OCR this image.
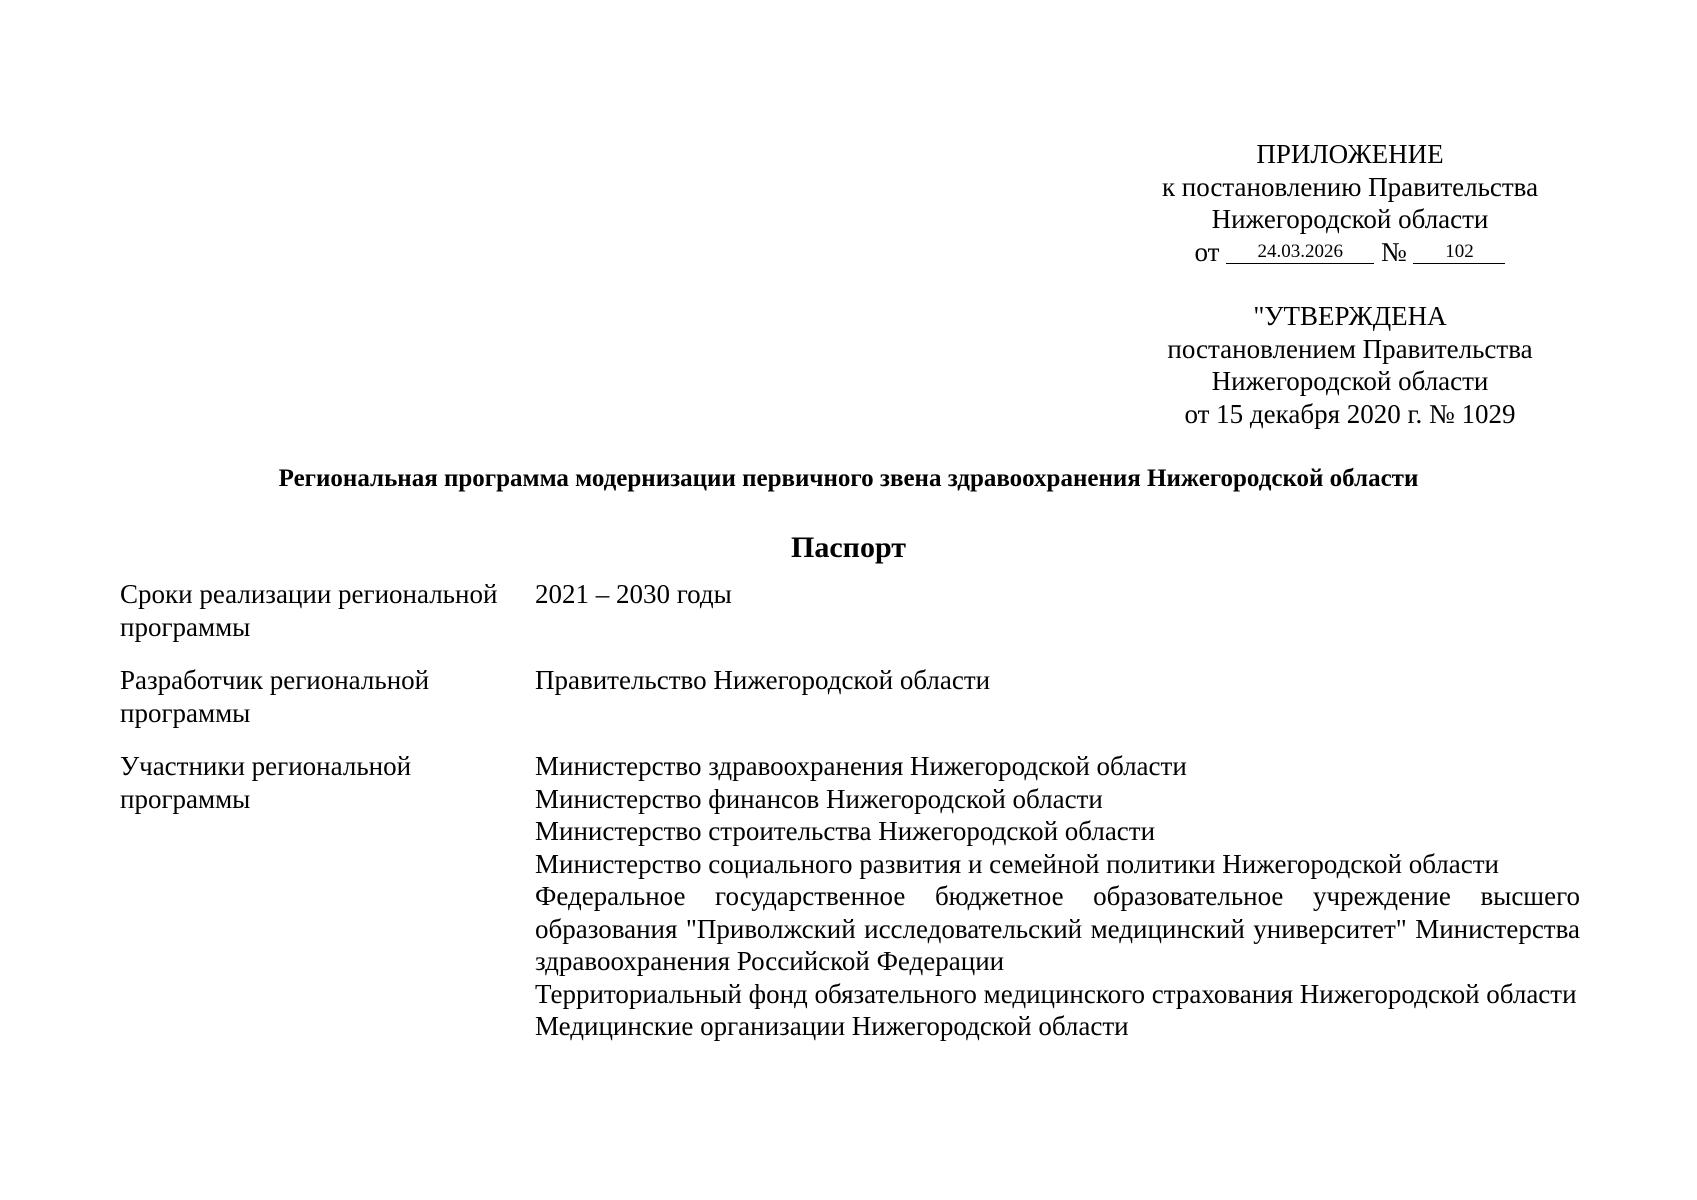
ПРИЛОЖЕНИЕ
к постановлению Правительства
Нижегородской области
от 24.03.2026 № 102
"УТВЕРЖДЕНА
постановлением Правительства
Нижегородской области
от 15 декабря 2020 г. № 1029
Региональная программа модернизации первичного звена здравоохранения Нижегородской области
Паспорт
Сроки реализации региональной программы
2021 – 2030 годы
Разработчик региональной программы
Правительство Нижегородской области
Участники региональной программы
Министерство здравоохранения Нижегородской области
Министерство финансов Нижегородской области
Министерство строительства Нижегородской области
Министерство социального развития и семейной политики Нижегородской области
Федеральное государственное бюджетное образовательное учреждение высшего образования "Приволжский исследовательский медицинский университет" Министерства здравоохранения Российской Федерации
Территориальный фонд обязательного медицинского страхования Нижегородской области
Медицинские организации Нижегородской области
